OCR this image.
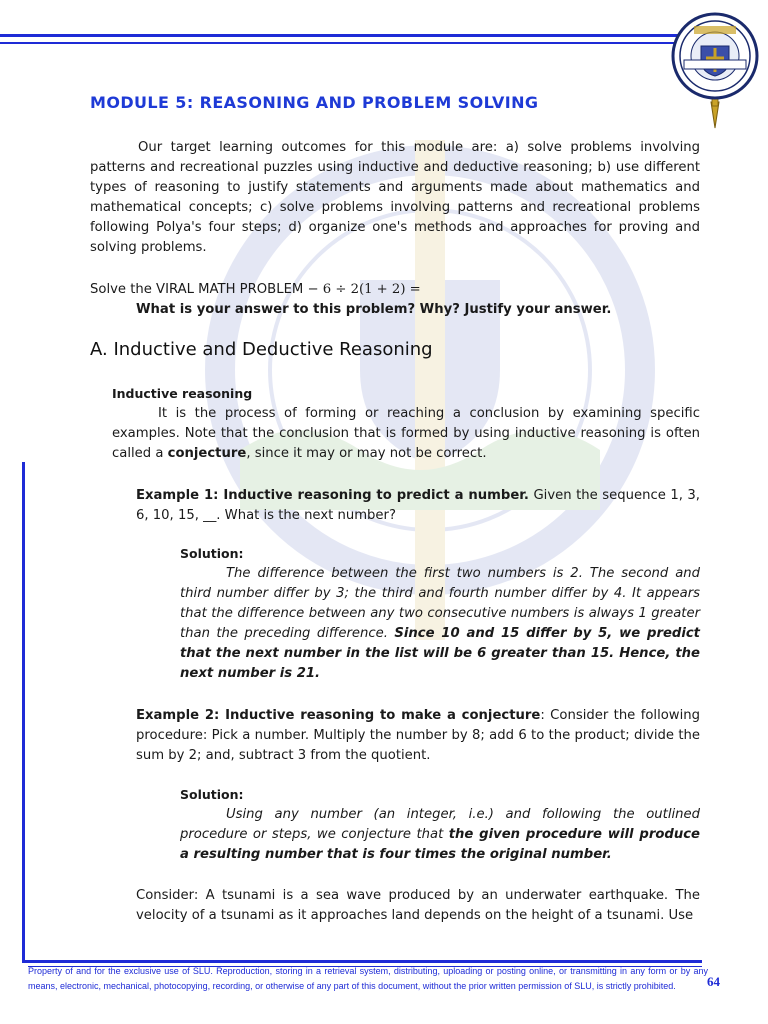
MODULE 5: REASONING AND PROBLEM SOLVING
Our target learning outcomes for this module are: a) solve problems involving patterns and recreational puzzles using inductive and deductive reasoning; b) use different types of reasoning to justify statements and arguments made about mathematics and mathematical concepts; c) solve problems involving patterns and recreational problems following Polya's four steps; d) organize one's methods and approaches for proving and solving problems.
Solve the VIRAL MATH PROBLEM − 6 ÷ 2(1 + 2) =
What is your answer to this problem? Why? Justify your answer.
A. Inductive and Deductive Reasoning
Inductive reasoning
It is the process of forming or reaching a conclusion by examining specific examples. Note that the conclusion that is formed by using inductive reasoning is often called a conjecture, since it may or may not be correct.
Example 1: Inductive reasoning to predict a number. Given the sequence 1, 3, 6, 10, 15, __. What is the next number?
Solution:
The difference between the first two numbers is 2. The second and third number differ by 3; the third and fourth number differ by 4. It appears that the difference between any two consecutive numbers is always 1 greater than the preceding difference. Since 10 and 15 differ by 5, we predict that the next number in the list will be 6 greater than 15. Hence, the next number is 21.
Example 2: Inductive reasoning to make a conjecture: Consider the following procedure: Pick a number. Multiply the number by 8; add 6 to the product; divide the sum by 2; and, subtract 3 from the quotient.
Solution:
Using any number (an integer, i.e.) and following the outlined procedure or steps, we conjecture that the given procedure will produce a resulting number that is four times the original number.
Consider: A tsunami is a sea wave produced by an underwater earthquake. The velocity of a tsunami as it approaches land depends on the height of a tsunami. Use
Property of and for the exclusive use of SLU. Reproduction, storing in a retrieval system, distributing, uploading or posting online, or transmitting in any form or by any means, electronic, mechanical, photocopying, recording, or otherwise of any part of this document, without the prior written permission of SLU, is strictly prohibited.	64
